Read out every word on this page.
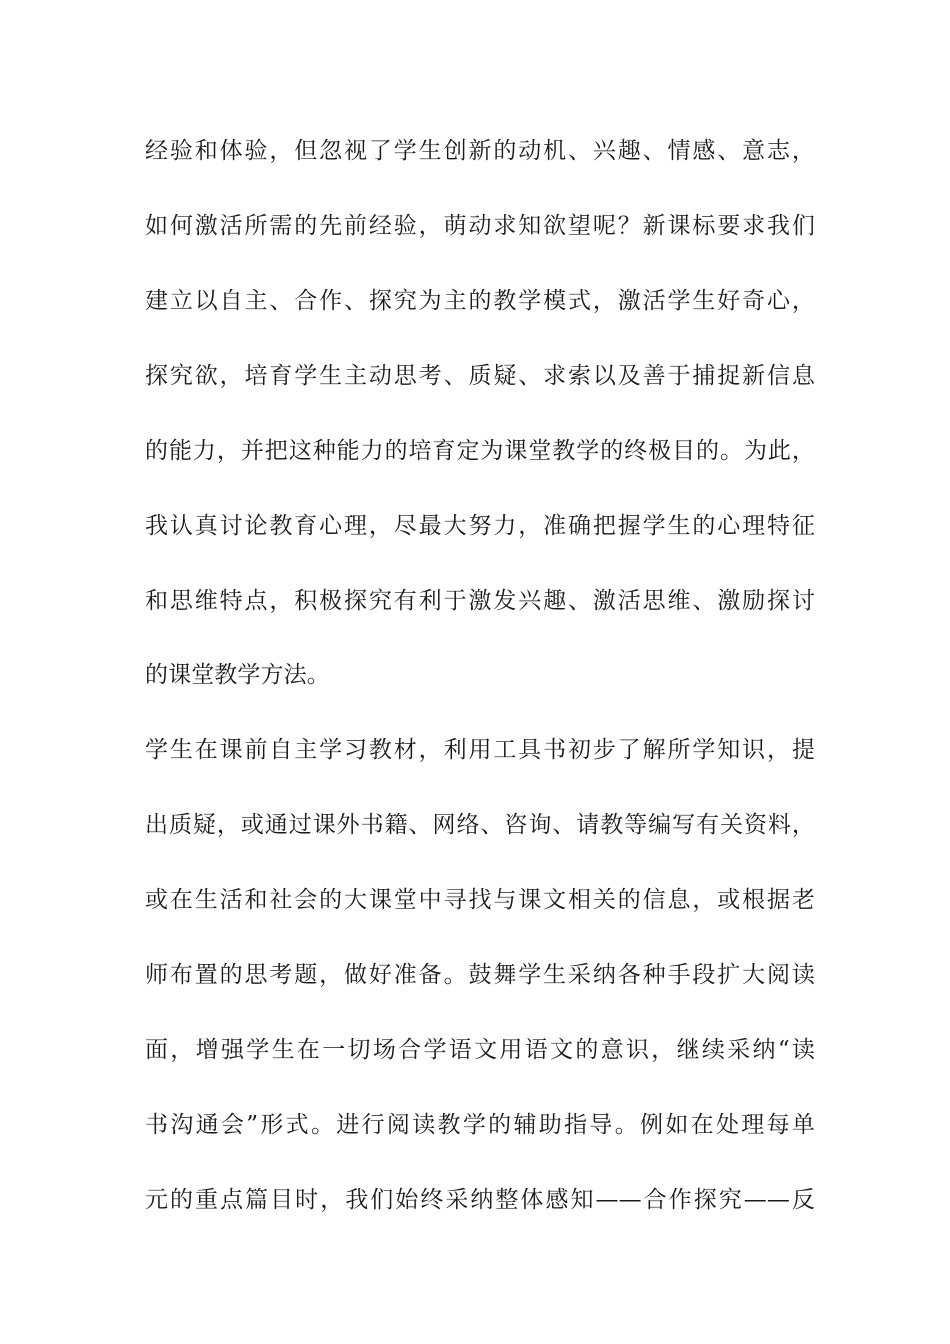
经验和体验，但忽视了学生创新的动机、兴趣、情感、意志，
如何激活所需的先前经验，萌动求知欲望呢？新课标要求我们
建立以自主、合作、探究为主的教学模式，激活学生好奇心，
探究欲，培育学生主动思考、质疑、求索以及善于捕捉新信息
的能力，并把这种能力的培育定为课堂教学的终极目的。为此，
我认真讨论教育心理，尽最大努力，准确把握学生的心理特征
和思维特点，积极探究有利于激发兴趣、激活思维、激励探讨
的课堂教学方法。
学生在课前自主学习教材，利用工具书初步了解所学知识，提
出质疑，或通过课外书籍、网络、咨询、请教等编写有关资料，
或在生活和社会的大课堂中寻找与课文相关的信息，或根据老
师布置的思考题，做好准备。鼓舞学生采纳各种手段扩大阅读
面，增强学生在一切场合学语文用语文的意识，继续采纳“读
书沟通会”形式。进行阅读教学的辅助指导。例如在处理每单
元的重点篇目时，我们始终采纳整体感知——合作探究——反
